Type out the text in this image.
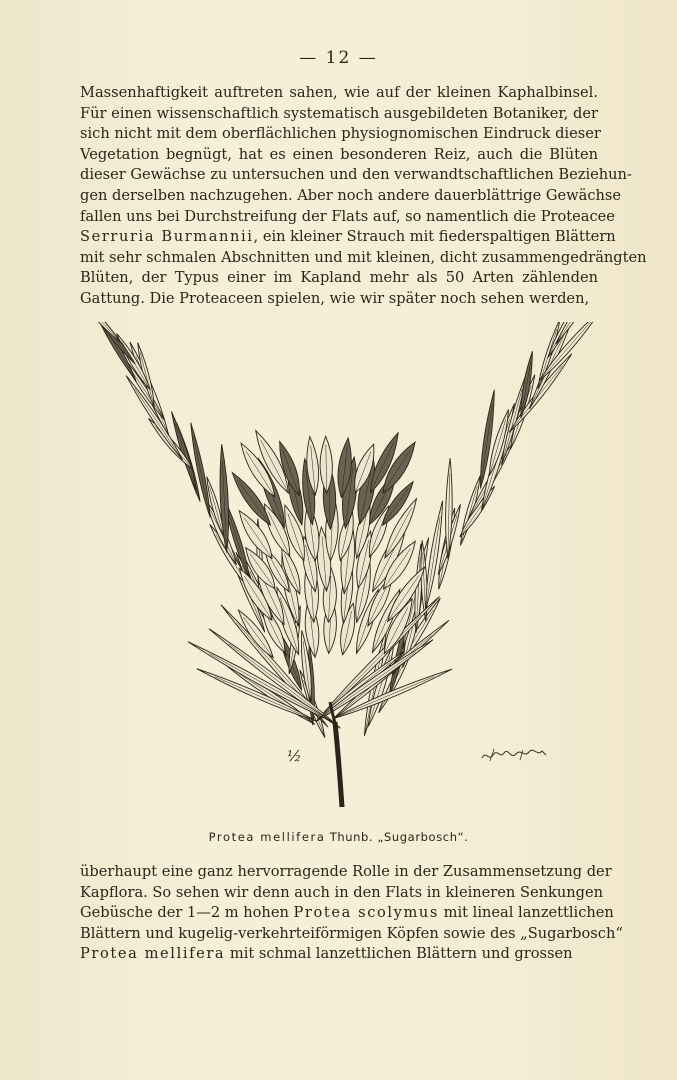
— 12 —
Massenhaftigkeit auftreten sahen, wie auf der kleinen Kaphalbinsel.
Für einen wissenschaftlich systematisch ausgebildeten Botaniker, der
sich nicht mit dem oberflächlichen physiognomischen Eindruck dieser
Vegetation begnügt, hat es einen besonderen Reiz, auch die Blüten
dieser Gewächse zu untersuchen und den verwandtschaftlichen Beziehun-
gen derselben nachzugehen. Aber noch andere dauerblättrige Gewächse
fallen uns bei Durchstreifung der Flats auf, so namentlich die Proteacee
Serruria Burmannii, ein kleiner Strauch mit fiederspaltigen Blättern
mit sehr schmalen Abschnitten und mit kleinen, dicht zusammengedrängten
Blüten, der Typus einer im Kapland mehr als 50 Arten zählenden
Gattung. Die Proteaceen spielen, wie wir später noch sehen werden,
½
Protea mellifera Thunb. „Sugarbosch“.
überhaupt eine ganz hervorragende Rolle in der Zusammensetzung der
Kapflora. So sehen wir denn auch in den Flats in kleineren Senkungen
Gebüsche der 1—2 m hohen Protea scolymus mit lineal lanzettlichen
Blättern und kugelig-verkehrteiförmigen Köpfen sowie des „Sugarbosch“
Protea mellifera mit schmal lanzettlichen Blättern und grossen
